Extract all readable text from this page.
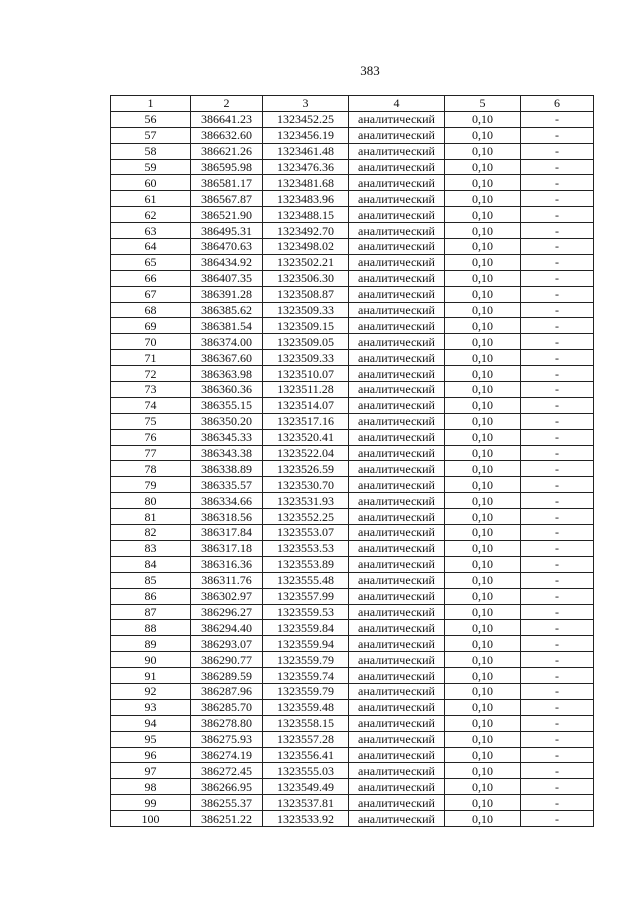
383
1	2	3	4	5	6
56	386641.23	1323452.25	аналитический	0,10	-
57	386632.60	1323456.19	аналитический	0,10	-
58	386621.26	1323461.48	аналитический	0,10	-
59	386595.98	1323476.36	аналитический	0,10	-
60	386581.17	1323481.68	аналитический	0,10	-
61	386567.87	1323483.96	аналитический	0,10	-
62	386521.90	1323488.15	аналитический	0,10	-
63	386495.31	1323492.70	аналитический	0,10	-
64	386470.63	1323498.02	аналитический	0,10	-
65	386434.92	1323502.21	аналитический	0,10	-
66	386407.35	1323506.30	аналитический	0,10	-
67	386391.28	1323508.87	аналитический	0,10	-
68	386385.62	1323509.33	аналитический	0,10	-
69	386381.54	1323509.15	аналитический	0,10	-
70	386374.00	1323509.05	аналитический	0,10	-
71	386367.60	1323509.33	аналитический	0,10	-
72	386363.98	1323510.07	аналитический	0,10	-
73	386360.36	1323511.28	аналитический	0,10	-
74	386355.15	1323514.07	аналитический	0,10	-
75	386350.20	1323517.16	аналитический	0,10	-
76	386345.33	1323520.41	аналитический	0,10	-
77	386343.38	1323522.04	аналитический	0,10	-
78	386338.89	1323526.59	аналитический	0,10	-
79	386335.57	1323530.70	аналитический	0,10	-
80	386334.66	1323531.93	аналитический	0,10	-
81	386318.56	1323552.25	аналитический	0,10	-
82	386317.84	1323553.07	аналитический	0,10	-
83	386317.18	1323553.53	аналитический	0,10	-
84	386316.36	1323553.89	аналитический	0,10	-
85	386311.76	1323555.48	аналитический	0,10	-
86	386302.97	1323557.99	аналитический	0,10	-
87	386296.27	1323559.53	аналитический	0,10	-
88	386294.40	1323559.84	аналитический	0,10	-
89	386293.07	1323559.94	аналитический	0,10	-
90	386290.77	1323559.79	аналитический	0,10	-
91	386289.59	1323559.74	аналитический	0,10	-
92	386287.96	1323559.79	аналитический	0,10	-
93	386285.70	1323559.48	аналитический	0,10	-
94	386278.80	1323558.15	аналитический	0,10	-
95	386275.93	1323557.28	аналитический	0,10	-
96	386274.19	1323556.41	аналитический	0,10	-
97	386272.45	1323555.03	аналитический	0,10	-
98	386266.95	1323549.49	аналитический	0,10	-
99	386255.37	1323537.81	аналитический	0,10	-
100	386251.22	1323533.92	аналитический	0,10	-
